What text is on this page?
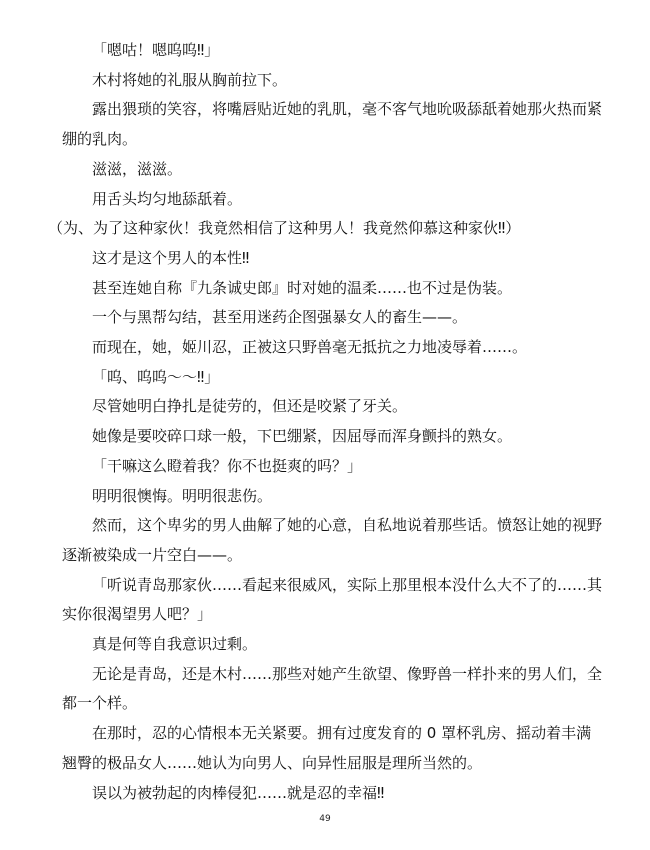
「嗯咕！嗯呜呜‼」

木村将她的礼服从胸前拉下。

露出猥琐的笑容，将嘴唇贴近她的乳肌，毫不客气地吮吸舔舐着她那火热而紧绷的乳肉。

滋滋，滋滋。

用舌头均匀地舔舐着。

（为、为了这种家伙！我竟然相信了这种男人！我竟然仰慕这种家伙‼）

这才是这个男人的本性‼

甚至连她自称『九条诚史郎』时对她的温柔……也不过是伪装。

一个与黑帮勾结，甚至用迷药企图强暴女人的畜生——。

而现在，她，姬川忍，正被这只野兽毫无抵抗之力地凌辱着……。

「呜、呜呜～～‼」

尽管她明白挣扎是徒劳的，但还是咬紧了牙关。

她像是要咬碎口球一般，下巴绷紧，因屈辱而浑身颤抖的熟女。

「干嘛这么瞪着我？你不也挺爽的吗？」

明明很懊悔。明明很悲伤。

然而，这个卑劣的男人曲解了她的心意，自私地说着那些话。愤怒让她的视野逐渐被染成一片空白——。

「听说青岛那家伙……看起来很威风，实际上那里根本没什么大不了的……其实你很渴望男人吧？」

真是何等自我意识过剩。

无论是青岛，还是木村……那些对她产生欲望、像野兽一样扑来的男人们，全都一个样。

在那时，忍的心情根本无关紧要。拥有过度发育的 0 罩杯乳房、摇动着丰满翘臀的极品女人……她认为向男人、向异性屈服是理所当然的。

误以为被勃起的肉棒侵犯……就是忍的幸福‼

49
